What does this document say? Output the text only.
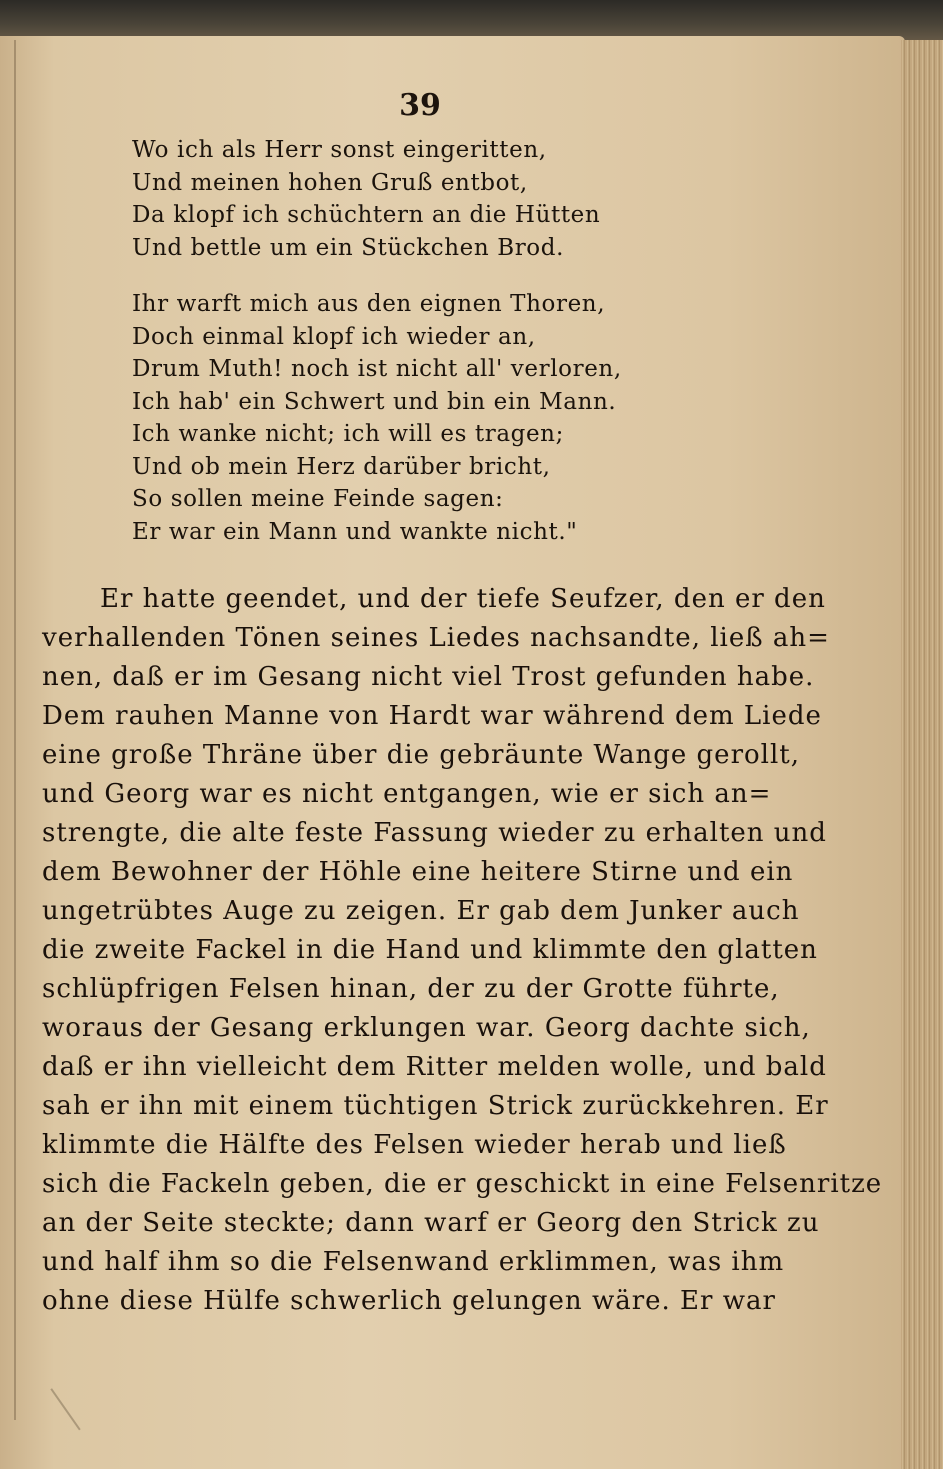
39
Wo ich als Herr sonst eingeritten,
Und meinen hohen Gruß entbot,
Da klopf ich schüchtern an die Hütten
Und bettle um ein Stückchen Brod.
Ihr warft mich aus den eignen Thoren,
Doch einmal klopf ich wieder an,
Drum Muth! noch ist nicht all' verloren,
Ich hab' ein Schwert und bin ein Mann.
Ich wanke nicht; ich will es tragen;
Und ob mein Herz darüber bricht,
So sollen meine Feinde sagen:
Er war ein Mann und wankte nicht."
Er hatte geendet, und der tiefe Seufzer, den er den
verhallenden Tönen seines Liedes nachsandte, ließ ah=
nen, daß er im Gesang nicht viel Trost gefunden habe.
Dem rauhen Manne von Hardt war während dem Liede
eine große Thräne über die gebräunte Wange gerollt,
und Georg war es nicht entgangen, wie er sich an=
strengte, die alte feste Fassung wieder zu erhalten und
dem Bewohner der Höhle eine heitere Stirne und ein
ungetrübtes Auge zu zeigen. Er gab dem Junker auch
die zweite Fackel in die Hand und klimmte den glatten
schlüpfrigen Felsen hinan, der zu der Grotte führte,
woraus der Gesang erklungen war. Georg dachte sich,
daß er ihn vielleicht dem Ritter melden wolle, und bald
sah er ihn mit einem tüchtigen Strick zurückkehren. Er
klimmte die Hälfte des Felsen wieder herab und ließ
sich die Fackeln geben, die er geschickt in eine Felsenritze
an der Seite steckte; dann warf er Georg den Strick zu
und half ihm so die Felsenwand erklimmen, was ihm
ohne diese Hülfe schwerlich gelungen wäre. Er war
